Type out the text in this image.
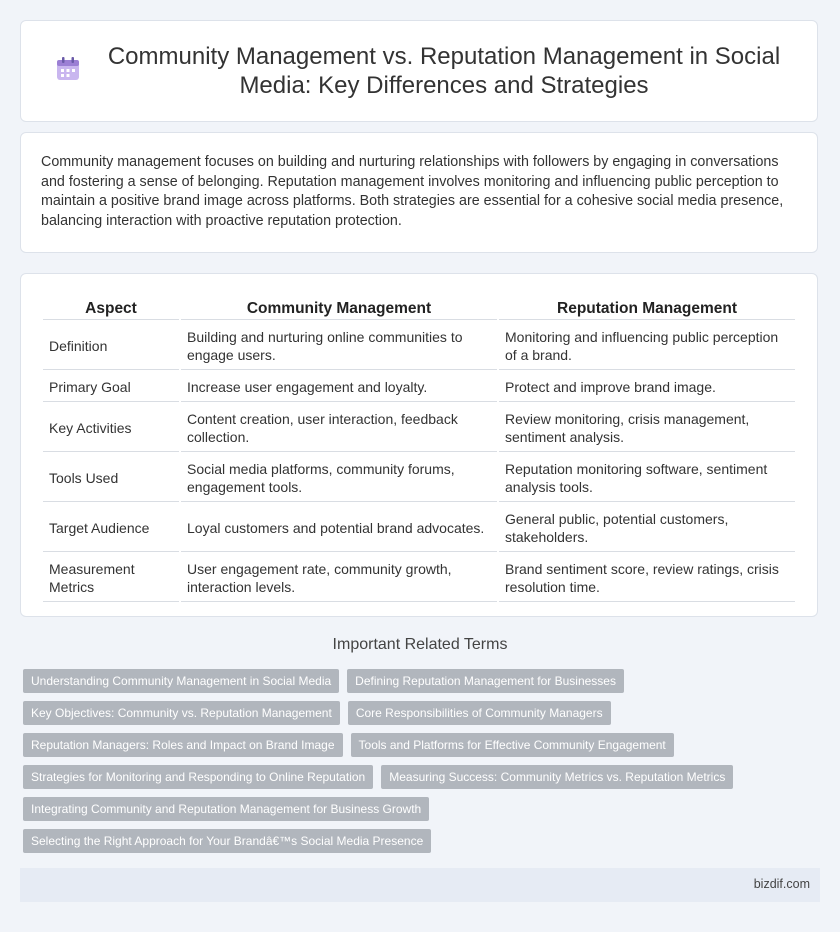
Community Management vs. Reputation Management in Social Media: Key Differences and Strategies
Community management focuses on building and nurturing relationships with followers by engaging in conversations and fostering a sense of belonging. Reputation management involves monitoring and influencing public perception to maintain a positive brand image across platforms. Both strategies are essential for a cohesive social media presence, balancing interaction with proactive reputation protection.
Aspect	Community Management	Reputation Management
Definition	Building and nurturing online communities to engage users.	Monitoring and influencing public perception of a brand.
Primary Goal	Increase user engagement and loyalty.	Protect and improve brand image.
Key Activities	Content creation, user interaction, feedback collection.	Review monitoring, crisis management, sentiment analysis.
Tools Used	Social media platforms, community forums, engagement tools.	Reputation monitoring software, sentiment analysis tools.
Target Audience	Loyal customers and potential brand advocates.	General public, potential customers, stakeholders.
Measurement Metrics	User engagement rate, community growth, interaction levels.	Brand sentiment score, review ratings, crisis resolution time.
Important Related Terms
Understanding Community Management in Social Media	Defining Reputation Management for Businesses
Key Objectives: Community vs. Reputation Management	Core Responsibilities of Community Managers
Reputation Managers: Roles and Impact on Brand Image	Tools and Platforms for Effective Community Engagement
Strategies for Monitoring and Responding to Online Reputation	Measuring Success: Community Metrics vs. Reputation Metrics
Integrating Community and Reputation Management for Business Growth
Selecting the Right Approach for Your Brandâ€™s Social Media Presence
bizdif.com
